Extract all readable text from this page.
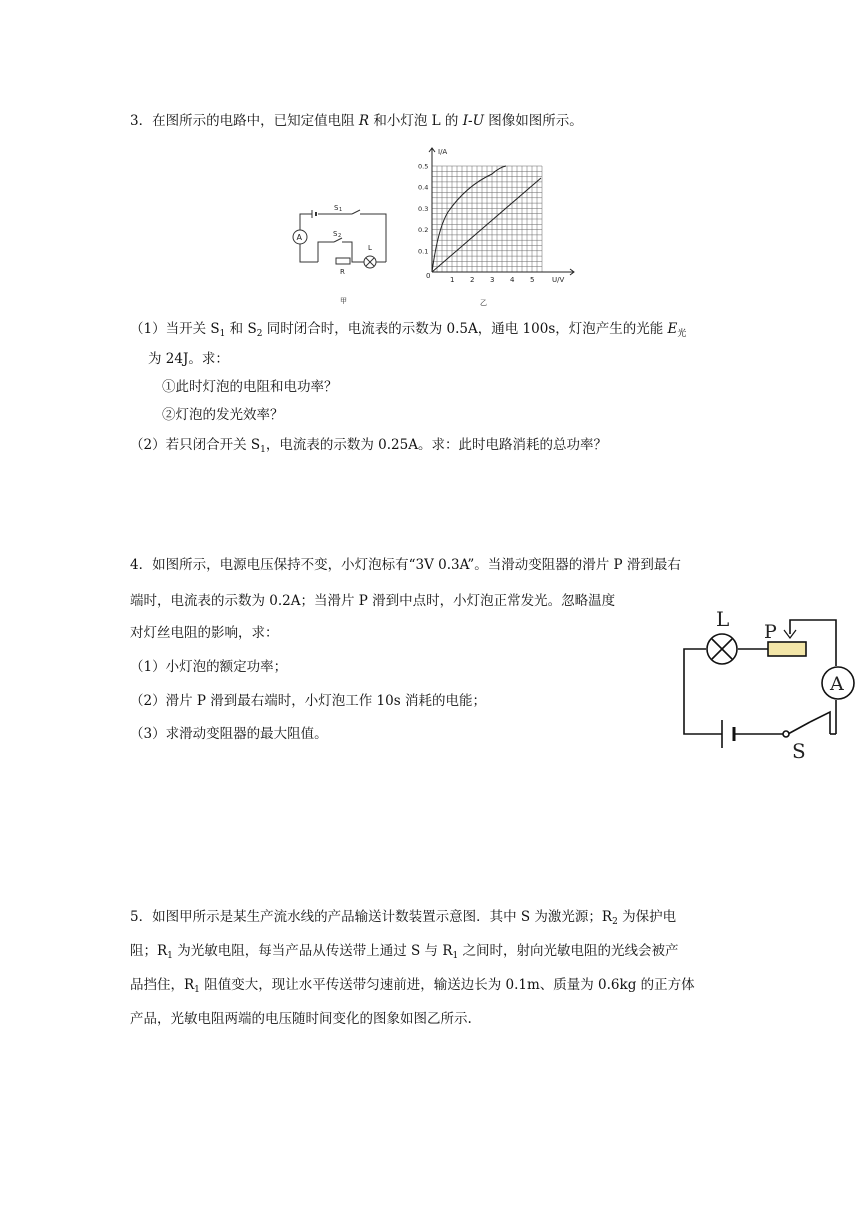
3．在图所示的电路中，已知定值电阻 R 和小灯泡 L 的 I-U 图像如图所示。
A
S 1
S 2
L
R
甲
I/A
U/V
0	1 2 3 4 5
0.1
0.2
0.3
0.4
0.5
乙
（1）当开关 $S_1$ 和 $S_2$ 同时闭合时，电流表的示数为 0.5A，通电 100s，灯泡产生的光能 $E_光$
为 24J。求：
①此时灯泡的电阻和电功率？
②灯泡的发光效率？
（2）若只闭合开关 $S_1$，电流表的示数为 0.25A。求：此时电路消耗的总功率？
4．如图所示，电源电压保持不变，小灯泡标有“3V 0.3A”。当滑动变阻器的滑片 P 滑到最右
端时，电流表的示数为 0.2A；当滑片 P 滑到中点时，小灯泡正常发光。忽略温度
对灯丝电阻的影响，求：
（1）小灯泡的额定功率；
（2）滑片 P 滑到最右端时，小灯泡工作 10s 消耗的电能；
（3）求滑动变阻器的最大阻值。
L
P
A
S
5．如图甲所示是某生产流水线的产品输送计数装置示意图．其中 S 为激光源；$R_2$ 为保护电
阻；$R_1$ 为光敏电阻，每当产品从传送带上通过 S 与 $R_1$ 之间时，射向光敏电阻的光线会被产
品挡住，$R_1$ 阻值变大，现让水平传送带匀速前进，输送边长为 0.1m、质量为 0.6kg 的正方体
产品，光敏电阻两端的电压随时间变化的图象如图乙所示.
